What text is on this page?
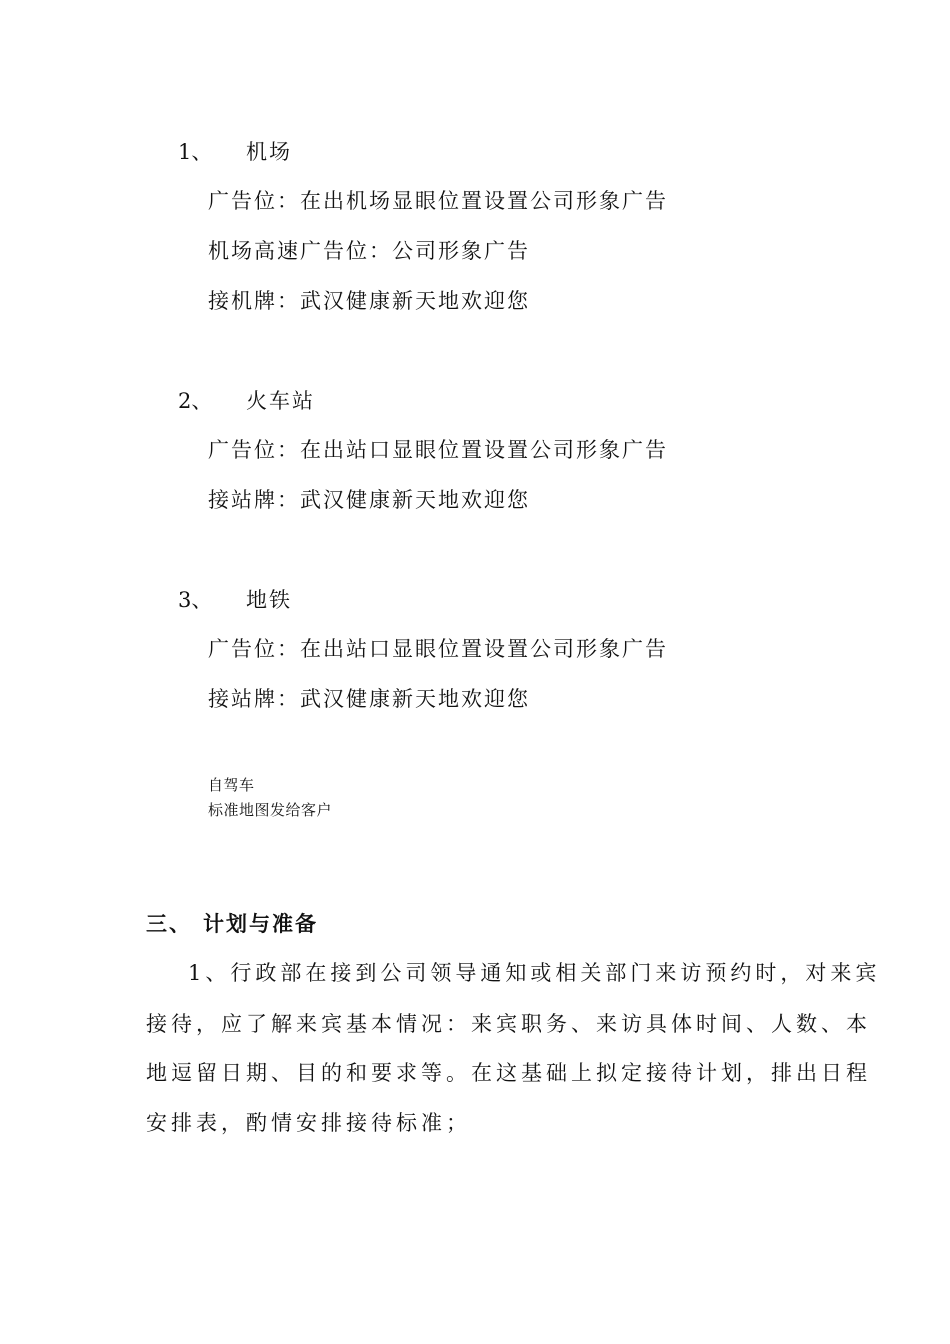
1、 机场
广告位：在出机场显眼位置设置公司形象广告
机场高速广告位：公司形象广告
接机牌：武汉健康新天地欢迎您
2、 火车站
广告位：在出站口显眼位置设置公司形象广告
接站牌：武汉健康新天地欢迎您
3、 地铁
广告位：在出站口显眼位置设置公司形象广告
接站牌：武汉健康新天地欢迎您
自驾车
标准地图发给客户
三、 计划与准备
1、行政部在接到公司领导通知或相关部门来访预约时，对来宾
接待，应了解来宾基本情况：来宾职务、来访具体时间、人数、本
地逗留日期、目的和要求等。在这基础上拟定接待计划，排出日程
安排表，酌情安排接待标准；
